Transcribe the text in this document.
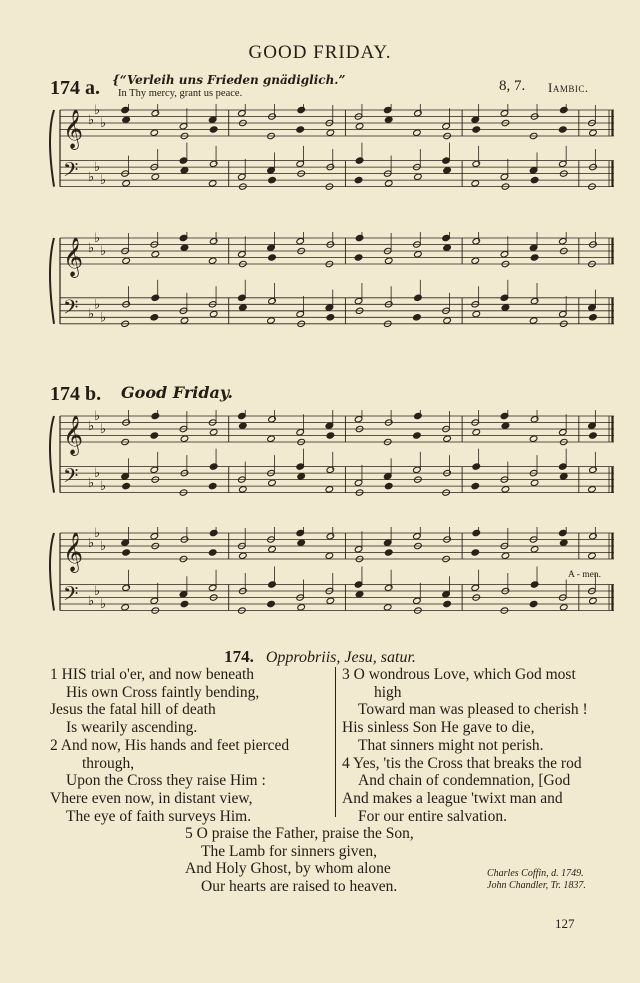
GOOD FRIDAY.
174 a. {“Verleih uns Frieden gnädiglich.”
In Thy mercy, grant us peace.	8, 7. Iambic.
𝄞 ♭
♭
♭
𝄢 ♭
♭
♭
𝄞 ♭
♭
♭
𝄢 ♭
♭
♭
174 b. Good Friday.
𝄞 ♭
♭
♭
𝄢 ♭
♭
♭
𝄞 ♭
♭
♭
𝄢 ♭
♭
♭
A - men.
174. Opprobriis, Jesu, satur.
1 HIS trial o'er, and now beneath
His own Cross faintly bending,
Jesus the fatal hill of death
Is wearily ascending.
2 And now, His hands and feet pierced
through,
Upon the Cross they raise Him :
Vhere even now, in distant view,
The eye of faith surveys Him.
3 O wondrous Love, which God most
high
Toward man was pleased to cherish !
His sinless Son He gave to die,
That sinners might not perish.
4 Yes, 'tis the Cross that breaks the rod
And chain of condemnation, [God
And makes a league 'twixt man and
For our entire salvation.
5 O praise the Father, praise the Son,
The Lamb for sinners given,
And Holy Ghost, by whom alone
Our hearts are raised to heaven.
Charles Coffin, d. 1749.
John Chandler, Tr. 1837.
127
